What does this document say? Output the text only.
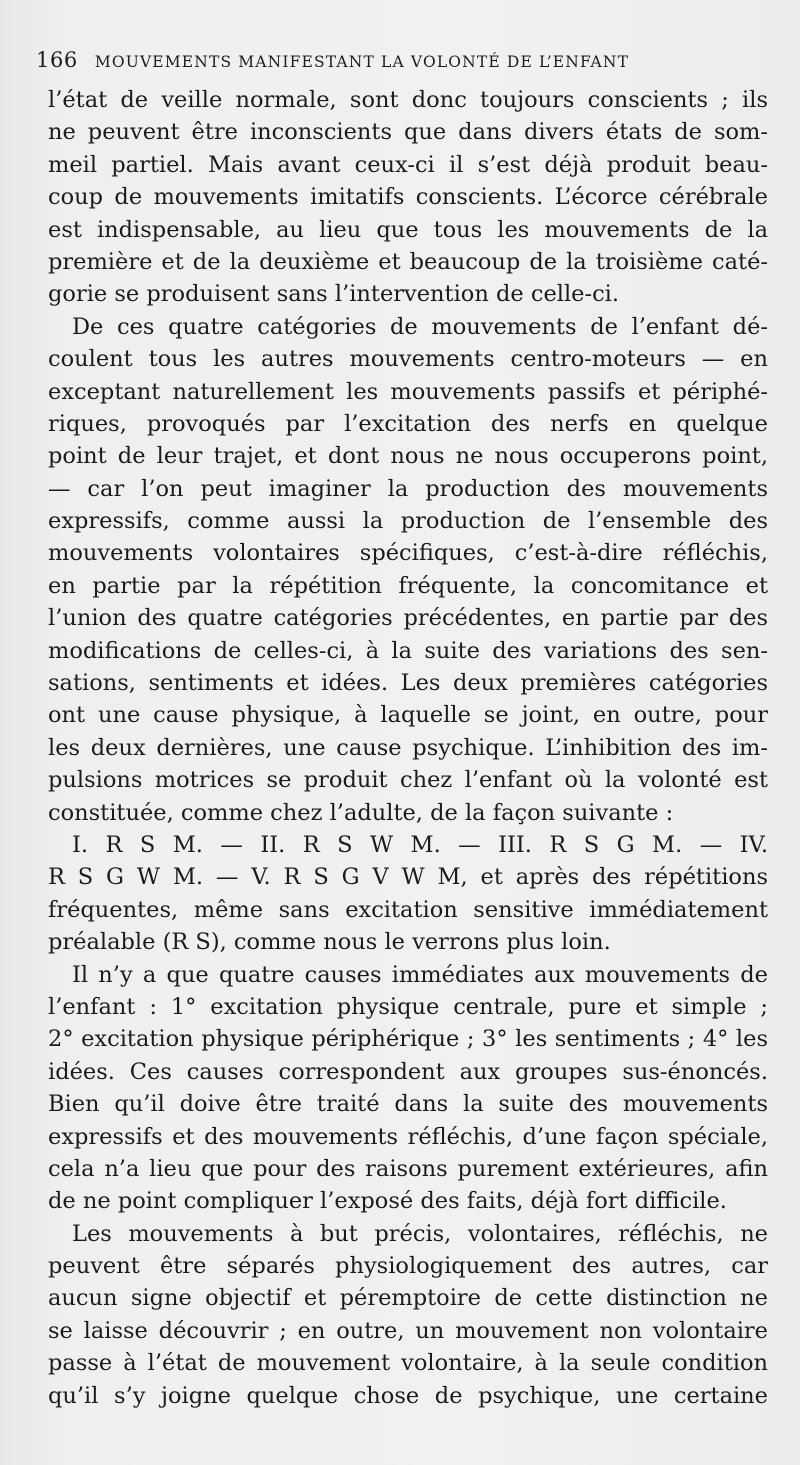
166 MOUVEMENTS MANIFESTANT LA VOLONTÉ DE L’ENFANT
l’état de veille normale, sont donc toujours conscients ; ils
ne peuvent être inconscients que dans divers états de som-
meil partiel. Mais avant ceux-ci il s’est déjà produit beau-
coup de mouvements imitatifs conscients. L’écorce cérébrale
est indispensable, au lieu que tous les mouvements de la
première et de la deuxième et beaucoup de la troisième caté-
gorie se produisent sans l’intervention de celle-ci.
De ces quatre catégories de mouvements de l’enfant dé-
coulent tous les autres mouvements centro-moteurs — en
exceptant naturellement les mouvements passifs et périphé-
riques, provoqués par l’excitation des nerfs en quelque
point de leur trajet, et dont nous ne nous occuperons point,
— car l’on peut imaginer la production des mouvements
expressifs, comme aussi la production de l’ensemble des
mouvements volontaires spécifiques, c’est-à-dire réfléchis,
en partie par la répétition fréquente, la concomitance et
l’union des quatre catégories précédentes, en partie par des
modifications de celles-ci, à la suite des variations des sen-
sations, sentiments et idées. Les deux premières catégories
ont une cause physique, à laquelle se joint, en outre, pour
les deux dernières, une cause psychique. L’inhibition des im-
pulsions motrices se produit chez l’enfant où la volonté est
constituée, comme chez l’adulte, de la façon suivante :
I. R S M. — II. R S W M. — III. R S G M. — IV.
R S G W M. — V. R S G V W M, et après des répétitions
fréquentes, même sans excitation sensitive immédiatement
préalable (R S), comme nous le verrons plus loin.
Il n’y a que quatre causes immédiates aux mouvements de
l’enfant : 1° excitation physique centrale, pure et simple ;
2° excitation physique périphérique ; 3° les sentiments ; 4° les
idées. Ces causes correspondent aux groupes sus-énoncés.
Bien qu’il doive être traité dans la suite des mouvements
expressifs et des mouvements réfléchis, d’une façon spéciale,
cela n’a lieu que pour des raisons purement extérieures, afin
de ne point compliquer l’exposé des faits, déjà fort difficile.
Les mouvements à but précis, volontaires, réfléchis, ne
peuvent être séparés physiologiquement des autres, car
aucun signe objectif et péremptoire de cette distinction ne
se laisse découvrir ; en outre, un mouvement non volontaire
passe à l’état de mouvement volontaire, à la seule condition
qu’il s’y joigne quelque chose de psychique, une certaine
